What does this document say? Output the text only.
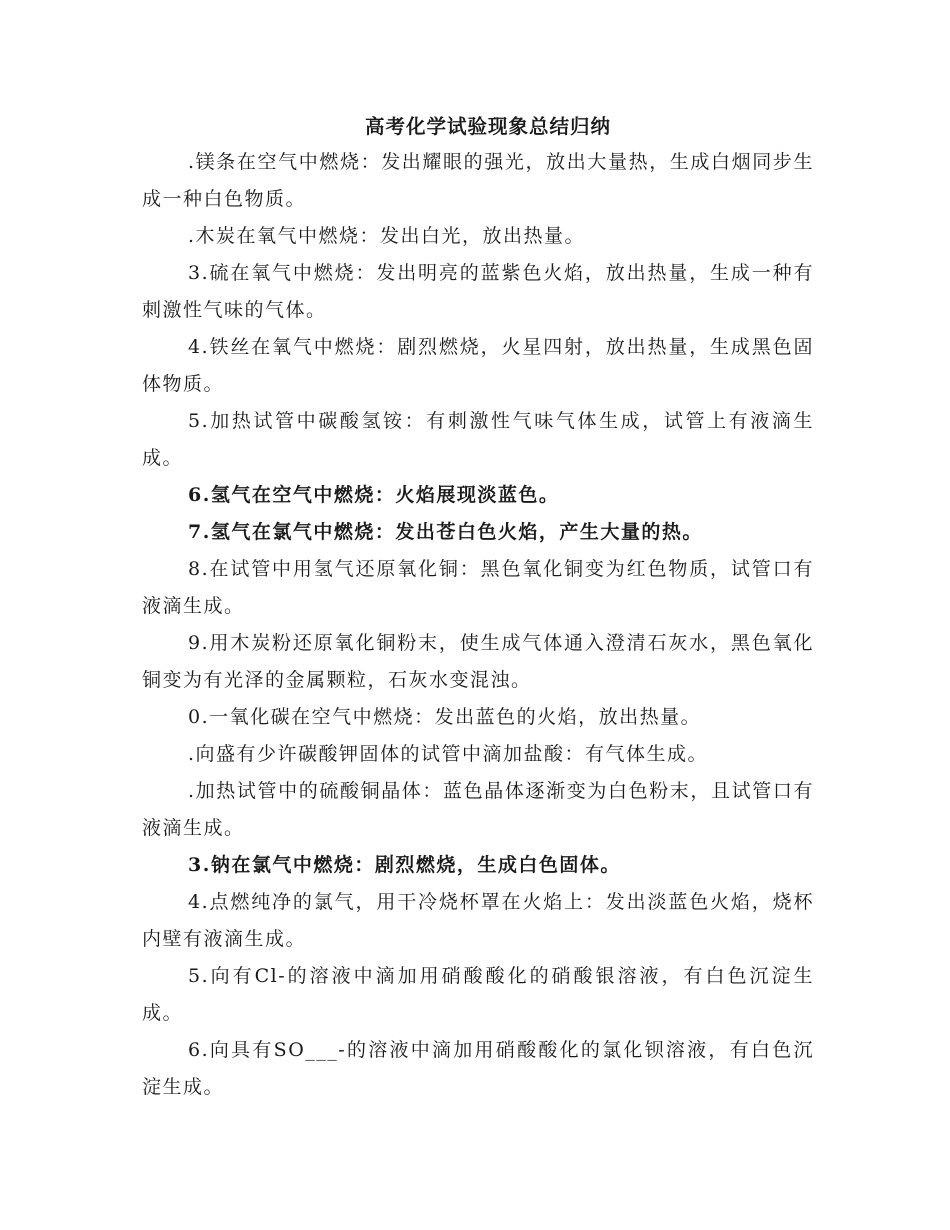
高考化学试验现象总结归纳

.镁条在空气中燃烧：发出耀眼的强光，放出大量热，生成白烟同步生成一种白色物质。

.木炭在氧气中燃烧：发出白光，放出热量。

3.硫在氧气中燃烧：发出明亮的蓝紫色火焰，放出热量，生成一种有刺激性气味的气体。

4.铁丝在氧气中燃烧：剧烈燃烧，火星四射，放出热量，生成黑色固体物质。

5.加热试管中碳酸氢铵：有刺激性气味气体生成，试管上有液滴生成。

6.氢气在空气中燃烧：火焰展现淡蓝色。

7.氢气在氯气中燃烧：发出苍白色火焰，产生大量的热。

8.在试管中用氢气还原氧化铜：黑色氧化铜变为红色物质，试管口有液滴生成。

9.用木炭粉还原氧化铜粉末，使生成气体通入澄清石灰水，黑色氧化铜变为有光泽的金属颗粒，石灰水变混浊。

0.一氧化碳在空气中燃烧：发出蓝色的火焰，放出热量。

.向盛有少许碳酸钾固体的试管中滴加盐酸：有气体生成。

.加热试管中的硫酸铜晶体：蓝色晶体逐渐变为白色粉末，且试管口有液滴生成。

3.钠在氯气中燃烧：剧烈燃烧，生成白色固体。

4.点燃纯净的氯气，用干冷烧杯罩在火焰上：发出淡蓝色火焰，烧杯内壁有液滴生成。

5.向有Cl-的溶液中滴加用硝酸酸化的硝酸银溶液，有白色沉淀生成。

6.向具有SO___-的溶液中滴加用硝酸酸化的氯化钡溶液，有白色沉淀生成。
